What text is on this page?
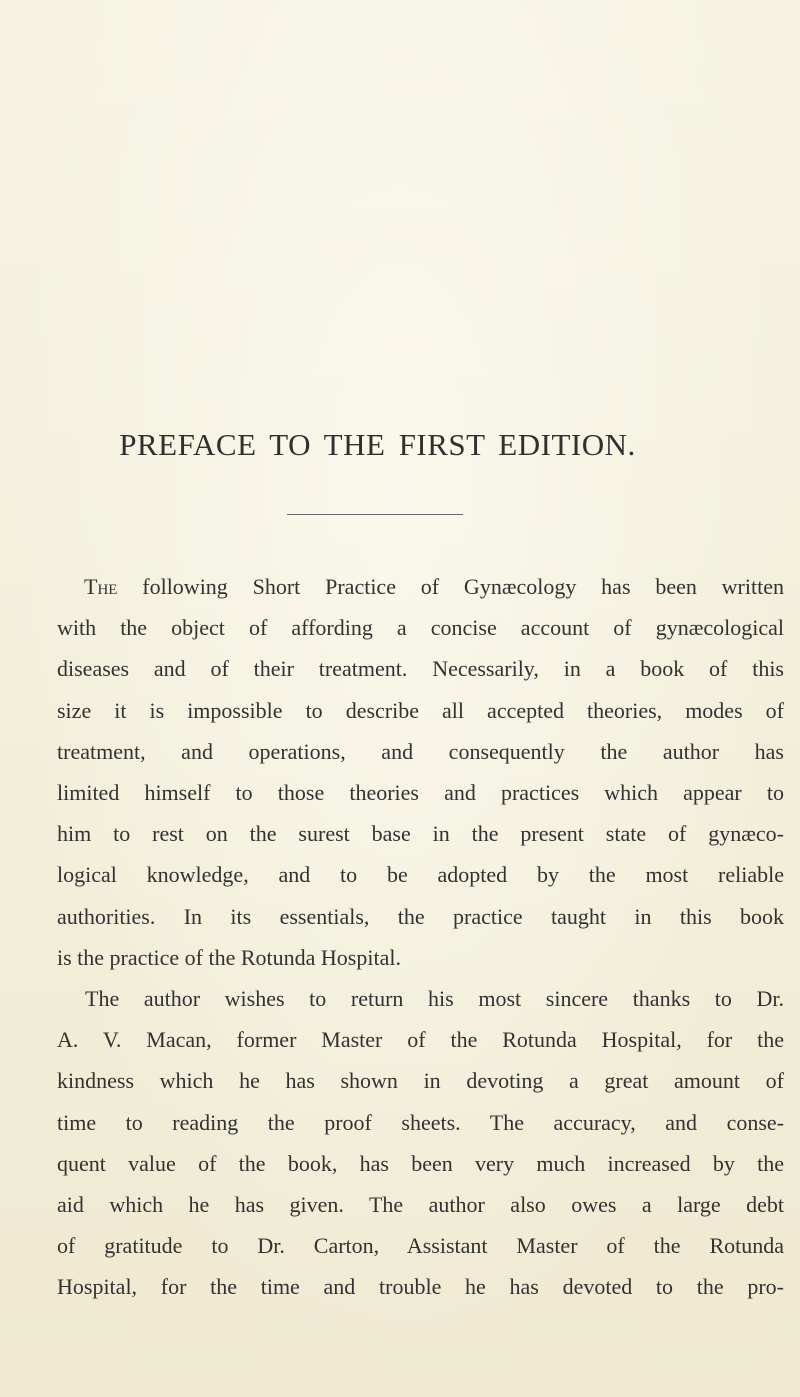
PREFACE TO THE FIRST EDITION.
The following Short Practice of Gynæcology has been written
with the object of affording a concise account of gynæcological
diseases and of their treatment. Necessarily, in a book of this
size it is impossible to describe all accepted theories, modes of
treatment, and operations, and consequently the author has
limited himself to those theories and practices which appear to
him to rest on the surest base in the present state of gynæco-
logical knowledge, and to be adopted by the most reliable
authorities. In its essentials, the practice taught in this book
is the practice of the Rotunda Hospital.
The author wishes to return his most sincere thanks to Dr.
A. V. Macan, former Master of the Rotunda Hospital, for the
kindness which he has shown in devoting a great amount of
time to reading the proof sheets. The accuracy, and conse-
quent value of the book, has been very much increased by the
aid which he has given. The author also owes a large debt
of gratitude to Dr. Carton, Assistant Master of the Rotunda
Hospital, for the time and trouble he has devoted to the pro-
